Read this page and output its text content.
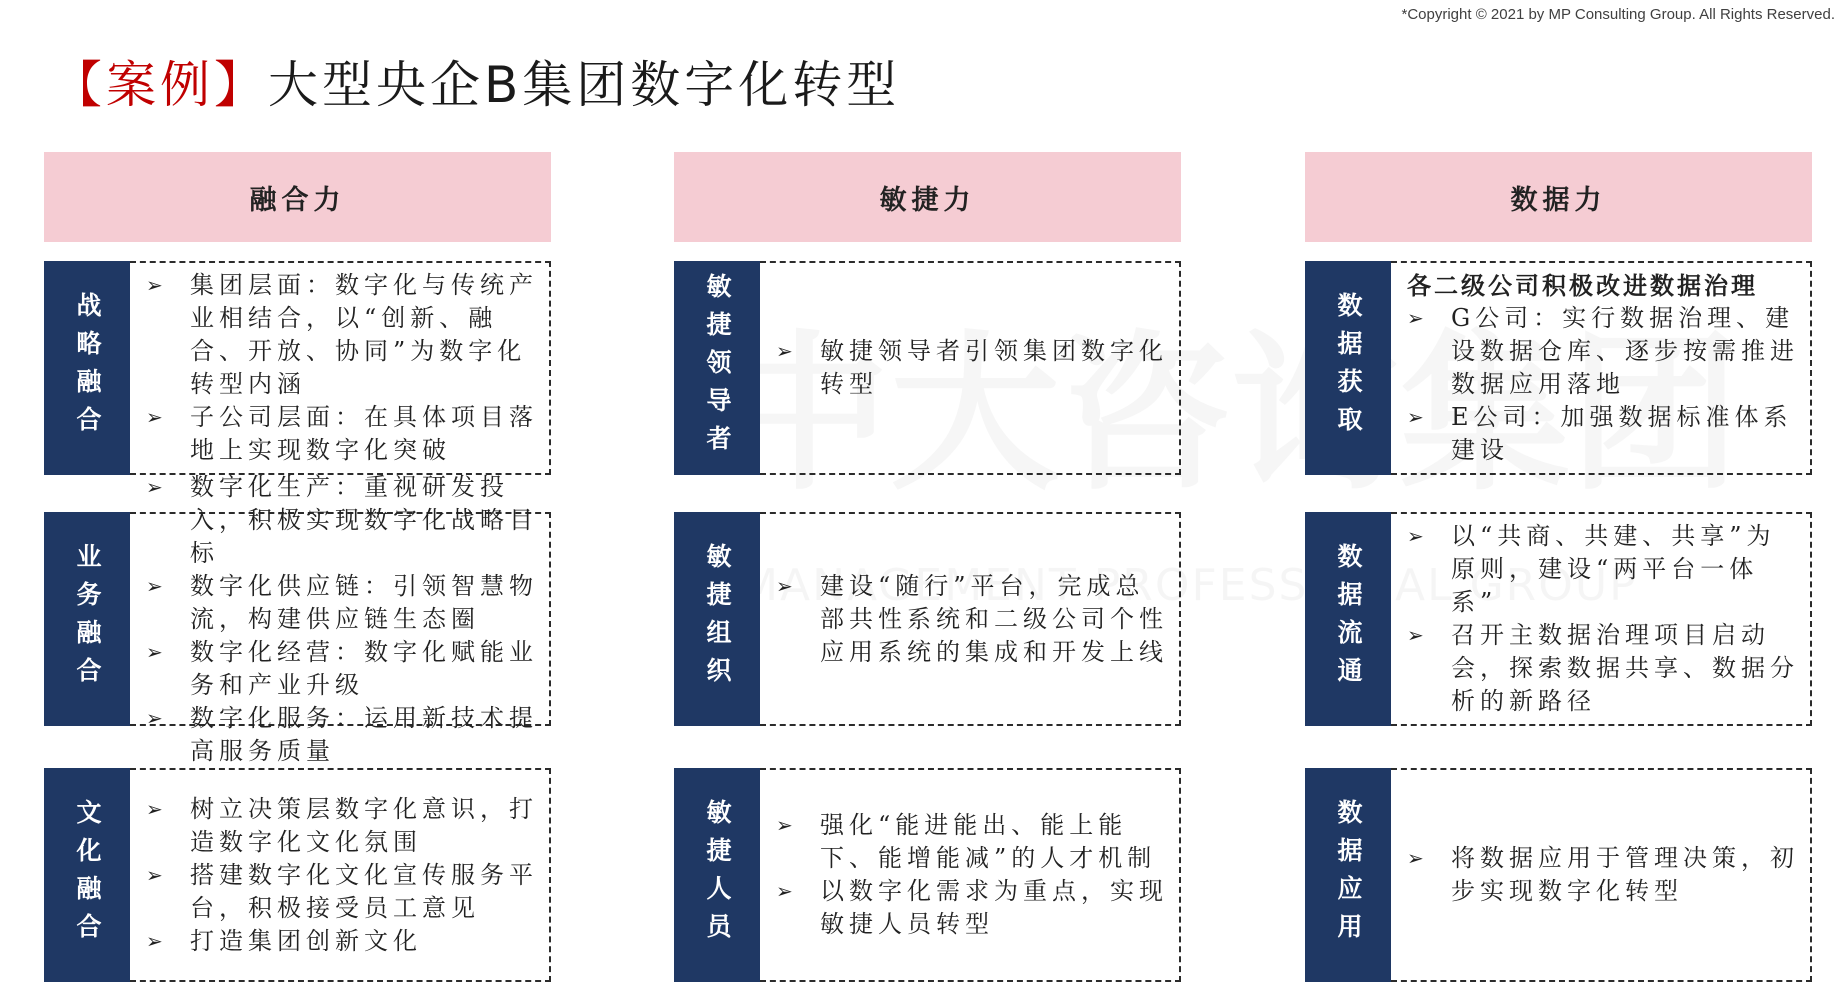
*Copyright © 2021 by MP Consulting Group. All Rights Reserved.
【案例】大型央企B集团数字化转型
融合力
战略融合
➢
集团层面：数字化与传统产业相结合，以“创新、融合、开放、协同”为数字化转型内涵
➢
子公司层面：在具体项目落地上实现数字化突破
业务融合
➢
数字化生产：重视研发投入，积极实现数字化战略目标
➢
数字化供应链：引领智慧物流，构建供应链生态圈
➢
数字化经营：数字化赋能业务和产业升级
➢
数字化服务：运用新技术提高服务质量
文化融合 ➢	树立决策层数字化意识，打造数字化文化氛围
➢
搭建数字化文化宣传服务平台，积极接受员工意见
➢
打造集团创新文化
敏捷力
敏捷领导者 ➢	敏捷领导者引领集团数字化转型
敏捷组织 ➢	建设“随行”平台，完成总部共性系统和二级公司个性应用系统的集成和开发上线
敏捷人员 ➢	强化“能进能出、能上能下、能增能减”的人才机制
➢
以数字化需求为重点，实现敏捷人员转型
数据力
数据获取
各二级公司积极改进数据治理
➢
G公司：实行数据治理、建设数据仓库、逐步按需推进数据应用落地
➢
E公司：加强数据标准体系建设
数据流通
➢
以“共商、共建、共享”为原则，建设“两平台一体系”
➢
召开主数据治理项目启动会，探索数据共享、数据分析的新路径
数据应用 ➢	将数据应用于管理决策，初步实现数字化转型
